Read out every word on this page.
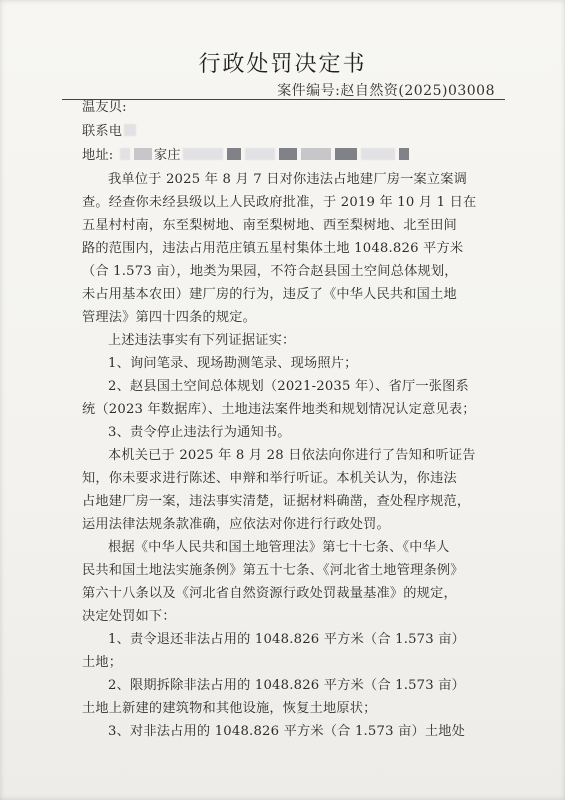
行政处罚决定书
案件编号:赵自然资(2025)03008
温友贝:
联系电
地址:	家庄
我单位于 2025 年 8 月 7 日对你违法占地建厂房一案立案调
查。经查你未经县级以上人民政府批准，于 2019 年 10 月 1 日在
五星村村南，东至梨树地、南至梨树地、西至梨树地、北至田间
路的范围内，违法占用范庄镇五星村集体土地 1048.826 平方米
（合 1.573 亩），地类为果园，不符合赵县国土空间总体规划，
未占用基本农田）建厂房的行为，违反了《中华人民共和国土地
管理法》第四十四条的规定。
上述违法事实有下列证据证实：
1、询问笔录、现场勘测笔录、现场照片；
2、赵县国土空间总体规划（2021-2035 年）、省厅一张图系
统（2023 年数据库）、土地违法案件地类和规划情况认定意见表；
3、责令停止违法行为通知书。
本机关已于 2025 年 8 月 28 日依法向你进行了告知和听证告
知，你未要求进行陈述、申辩和举行听证。本机关认为，你违法
占地建厂房一案，违法事实清楚，证据材料确凿，查处程序规范，
运用法律法规条款准确，应依法对你进行行政处罚。
根据《中华人民共和国土地管理法》第七十七条、《中华人
民共和国土地法实施条例》第五十七条、《河北省土地管理条例》
第六十八条以及《河北省自然资源行政处罚裁量基准》的规定，
决定处罚如下：
1、责令退还非法占用的 1048.826 平方米（合 1.573 亩）
土地；
2、限期拆除非法占用的 1048.826 平方米（合 1.573 亩）
土地上新建的建筑物和其他设施，恢复土地原状；
3、对非法占用的 1048.826 平方米（合 1.573 亩）土地处
